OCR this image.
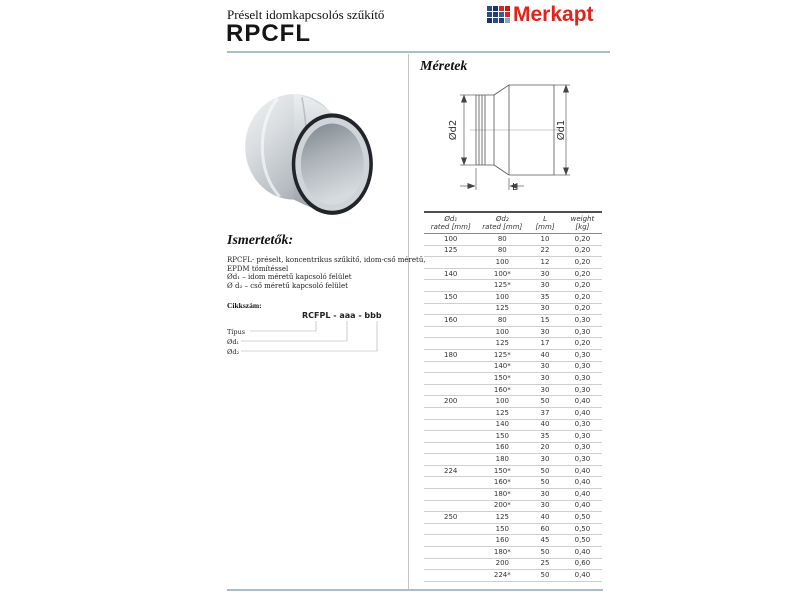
Préselt idomkapcsolós szűkítő
RPCFL
Merkapt
Ismertetők:
RPCFL- préselt, koncentrikus szűkítő, idom-cső méretű,
EPDM tömítéssel
Ød₁ – idom méretű kapcsoló felület
Ø d₂ – cső méretű kapcsoló felület
Cikkszám:
RCFPL - aaa - bbb
Típus
Ød₁
Ød₂
Méretek
Ød2	Ød1
L
Ød₁
rated [mm]

Ød₂
rated [mm]

L
[mm]

weight
[kg]

100	80	10	0,20
125	80	22	0,20
	100	12	0,20
140	100*	30	0,20
	125*	30	0,20
150	100	35	0,20
	125	30	0,20
160	80	15	0,30
	100	30	0,30
	125	17	0,20
180	125*	40	0,30
	140*	30	0,30
	150*	30	0,30
	160*	30	0,30
200	100	50	0,40
	125	37	0,40
	140	40	0,30
	150	35	0,30
	160	20	0,30
	180	30	0,30
224	150*	50	0,40
	160*	50	0,40
	180*	30	0,40
	200*	30	0,40
250	125	40	0,50
	150	60	0,50
	160	45	0,50
	180*	50	0,40
	200	25	0,60
	224*	50	0,40
